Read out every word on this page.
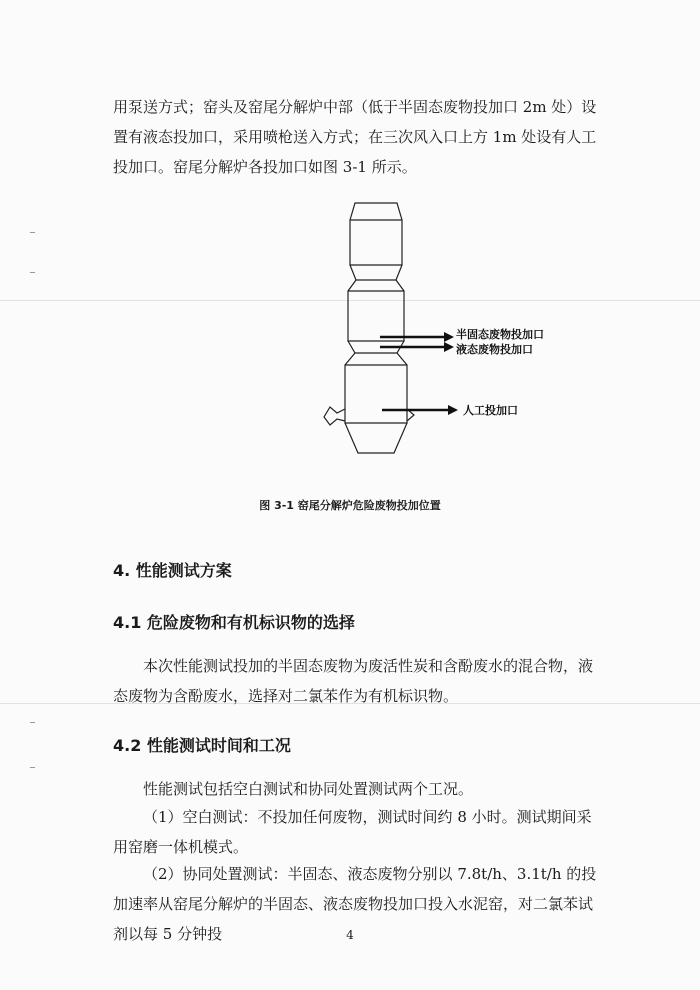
用泵送方式；窑头及窑尾分解炉中部（低于半固态废物投加口 2m 处）设置有液态投加口，采用喷枪送入方式；在三次风入口上方 1m 处设有人工投加口。窑尾分解炉各投加口如图 3-1 所示。

半固态废物投加口
液态废物投加口
人工投加口
图 3-1 窑尾分解炉危险废物投加位置
4. 性能测试方案
4.1 危险废物和有机标识物的选择

本次性能测试投加的半固态废物为废活性炭和含酚废水的混合物，液态废物为含酚废水，选择对二氯苯作为有机标识物。

4.2 性能测试时间和工况

性能测试包括空白测试和协同处置测试两个工况。

（1）空白测试：不投加任何废物，测试时间约 8 小时。测试期间采用窑磨一体机模式。

（2）协同处置测试：半固态、液态废物分别以 7.8t/h、3.1t/h 的投加速率从窑尾分解炉的半固态、液态废物投加口投入水泥窑，对二氯苯试剂以每 5 分钟投	4
